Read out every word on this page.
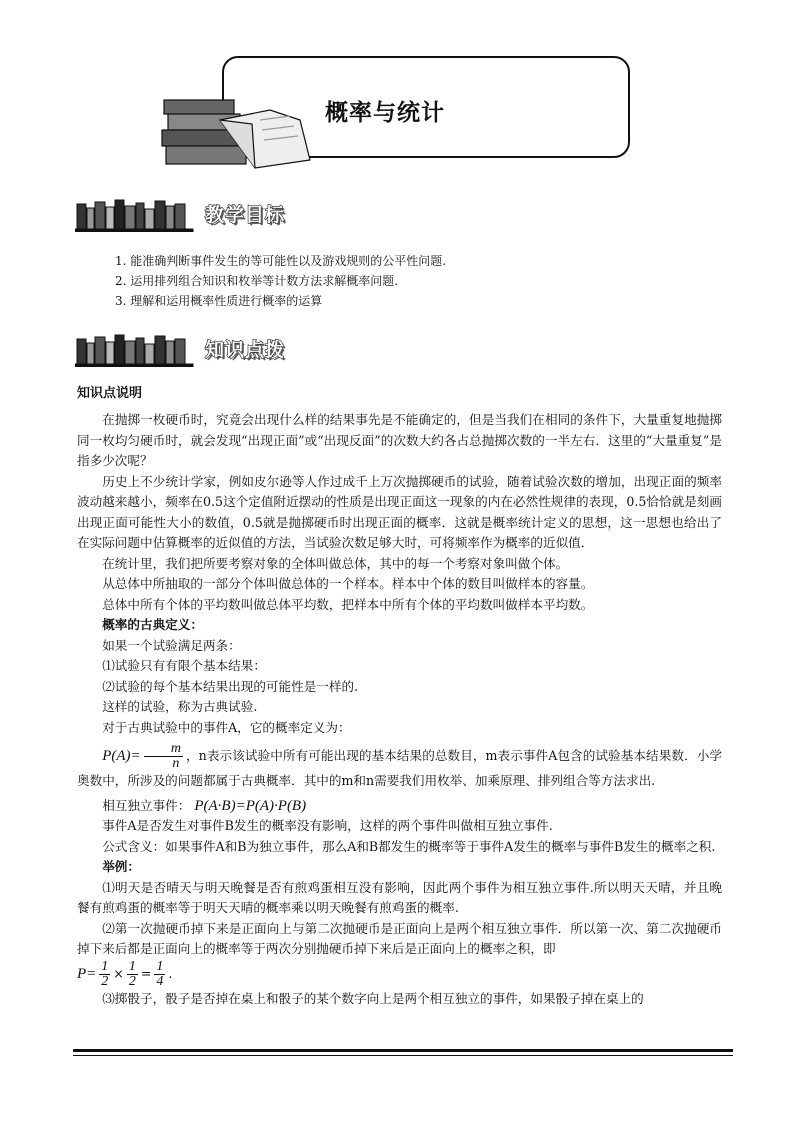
概率与统计
教学目标
1. 能准确判断事件发生的等可能性以及游戏规则的公平性问题.
2. 运用排列组合知识和枚举等计数方法求解概率问题.
3. 理解和运用概率性质进行概率的运算
知识点拨
知识点说明

在抛掷一枚硬币时，究竟会出现什么样的结果事先是不能确定的，但是当我们在相同的条件下，大量重复地抛掷同一枚均匀硬币时，就会发现“出现正面”或“出现反面”的次数大约各占总抛掷次数的一半左右．这里的“大量重复”是指多少次呢？

历史上不少统计学家，例如皮尔逊等人作过成千上万次抛掷硬币的试验，随着试验次数的增加，出现正面的频率波动越来越小，频率在0.5这个定值附近摆动的性质是出现正面这一现象的内在必然性规律的表现，0.5恰恰就是刻画出现正面可能性大小的数值，0.5就是抛掷硬币时出现正面的概率．这就是概率统计定义的思想，这一思想也给出了在实际问题中估算概率的近似值的方法，当试验次数足够大时，可将频率作为概率的近似值．

在统计里，我们把所要考察对象的全体叫做总体，其中的每一个考察对象叫做个体。

从总体中所抽取的一部分个体叫做总体的一个样本。样本中个体的数目叫做样本的容量。

总体中所有个体的平均数叫做总体平均数，把样本中所有个体的平均数叫做样本平均数。

概率的古典定义：

如果一个试验满足两条：

⑴试验只有有限个基本结果：

⑵试验的每个基本结果出现的可能性是一样的.

这样的试验，称为古典试验.

对于古典试验中的事件A，它的概率定义为：

$P(A)= \frac{m}{n}$ ，n表示该试验中所有可能出现的基本结果的总数目，m表示事件A包含的试验基本结果数．小学奥数中，所涉及的问题都属于古典概率．其中的m和n需要我们用枚举、加乘原理、排列组合等方法求出.

相互独立事件： P(A·B)=P(A)·P(B)

事件A是否发生对事件B发生的概率没有影响，这样的两个事件叫做相互独立事件.

公式含义：如果事件A和B为独立事件，那么A和B都发生的概率等于事件A发生的概率与事件B发生的概率之积.

举例：

⑴明天是否晴天与明天晚餐是否有煎鸡蛋相互没有影响，因此两个事件为相互独立事件.所以明天天晴，并且晚餐有煎鸡蛋的概率等于明天天晴的概率乘以明天晚餐有煎鸡蛋的概率.

⑵第一次抛硬币掉下来是正面向上与第二次抛硬币是正面向上是两个相互独立事件．所以第一次、第二次抛硬币掉下来后都是正面向上的概率等于两次分别抛硬币掉下来后是正面向上的概率之积，即

$P= \frac{1}{2} \times \frac{1}{2} = \frac{1}{4}$ .

⑶掷骰子，骰子是否掉在桌上和骰子的某个数字向上是两个相互独立的事件，如果骰子掉在桌上的
